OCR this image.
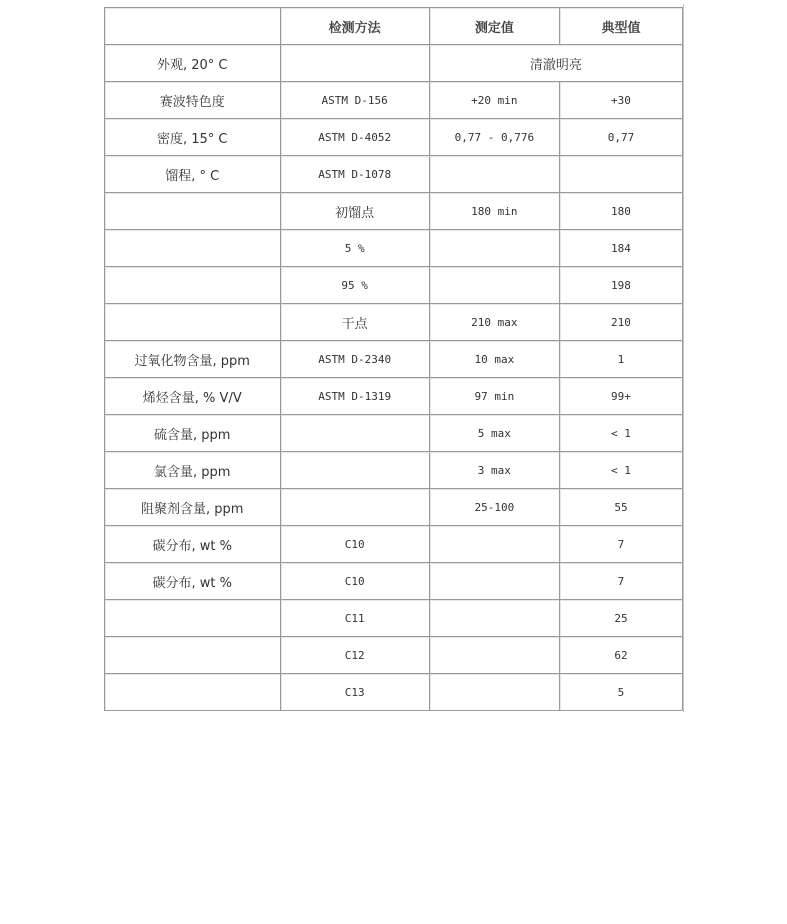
	检测方法	测定值	典型值
外观, 20° C		清澈明亮	
赛波特色度	ASTM D-156	+20 min	+30
密度, 15° C	ASTM D-4052	0,77 - 0,776	0,77
馏程, ° C	ASTM D-1078		
	初馏点	180 min	180
	5 %		184
	95 %		198
	干点	210 max	210
过氧化物含量, ppm	ASTM D-2340	10 max	1
烯烃含量, % V/V	ASTM D-1319	97 min	99+
硫含量, ppm		5 max	< 1
氯含量, ppm		3 max	< 1
阻聚剂含量, ppm		25-100	55
碳分布, wt %	C10		7
碳分布, wt %	C10		7
	C11		25
	C12		62
	C13		5
